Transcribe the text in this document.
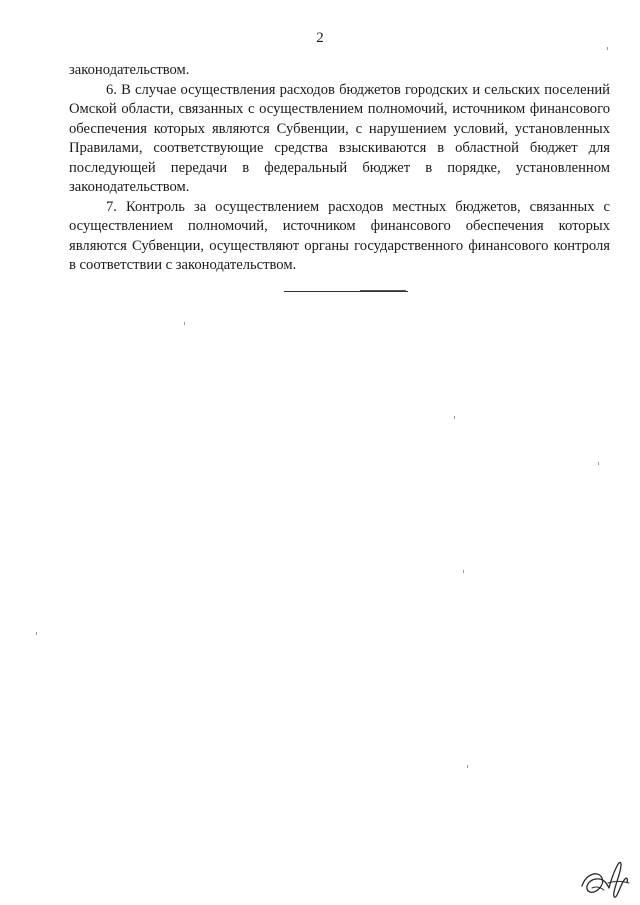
2

законодательством.

6. В случае осуществления расходов бюджетов городских и сельских поселений Омской области, связанных с осуществлением полномочий, источником финансового обеспечения которых являются Субвенции, с нарушением условий, установленных Правилами, соответствующие средства взыскиваются в областной бюджет для последующей передачи в федеральный бюджет в порядке, установленном законодательством.

7. Контроль за осуществлением расходов местных бюджетов, связанных с осуществлением полномочий, источником финансового обеспечения которых являются Субвенции, осуществляют органы государственного финансового контроля в соответствии с законодательством.
